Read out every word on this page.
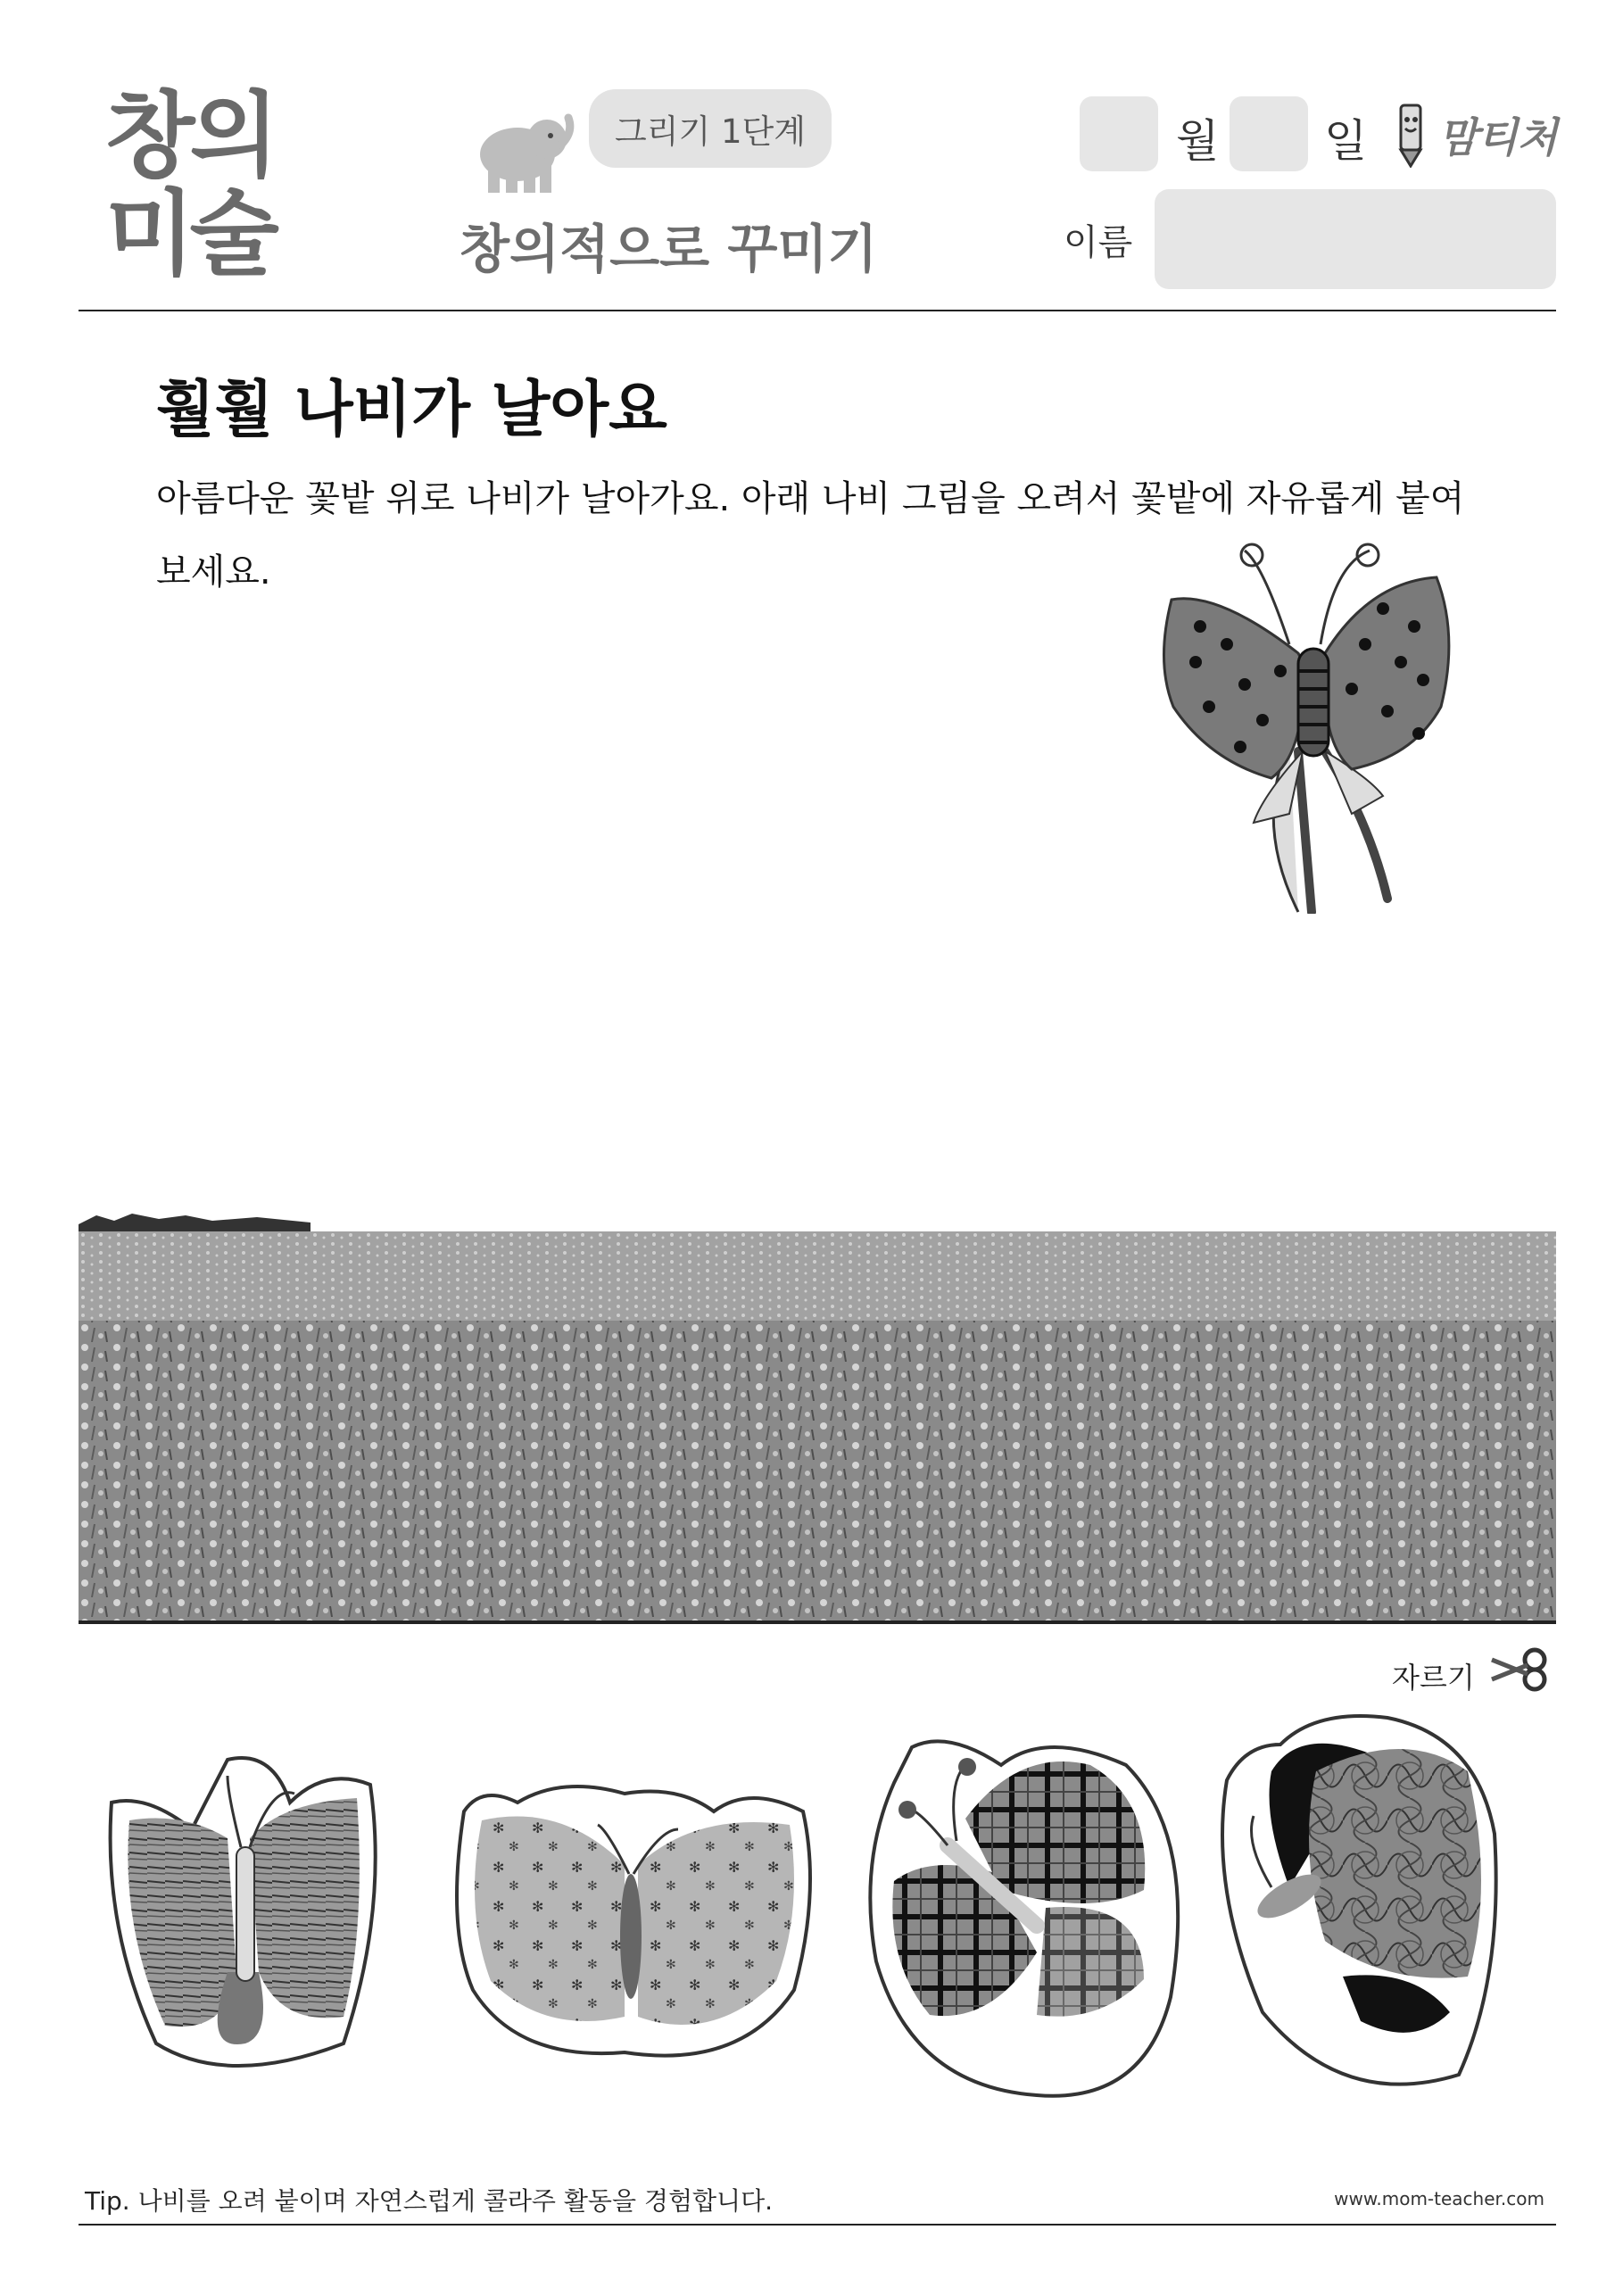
창의
미술
그리기 1단계
창의적으로 꾸미기
월 일 맘티처
이름
훨훨 나비가 날아요
아름다운 꽃밭 위로 나비가 날아가요. 아래 나비 그림을 오려서 꽃밭에 자유롭게 붙여 보세요.
자르기
Tip. 나비를 오려 붙이며 자연스럽게 콜라주 활동을 경험합니다.	www.mom-teacher.com
